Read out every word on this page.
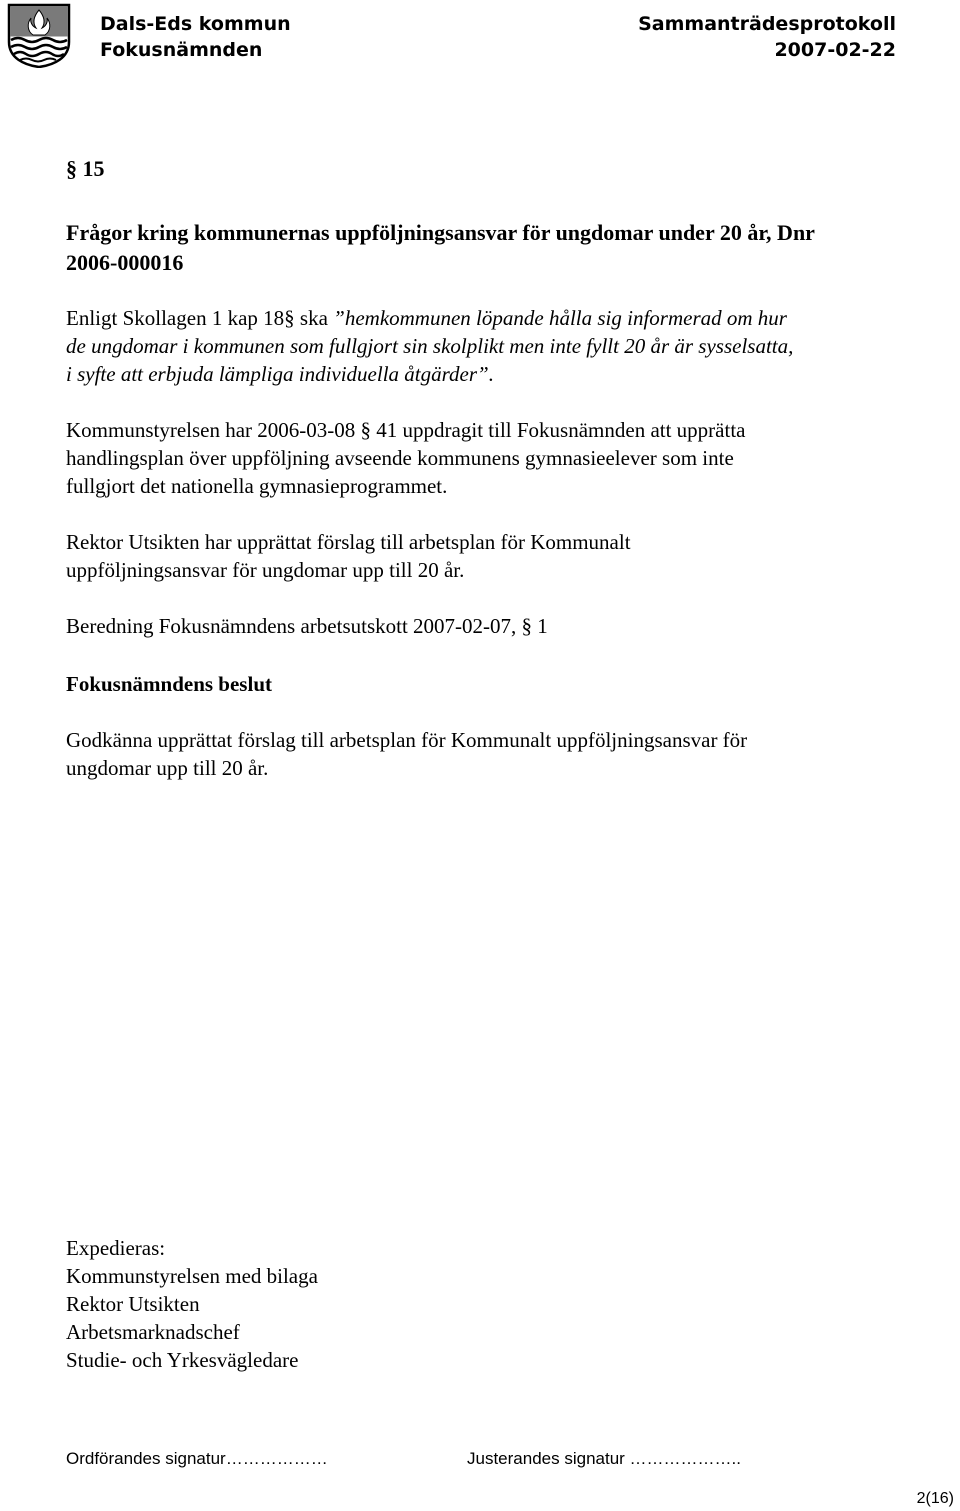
Dals-Eds kommun
Fokusnämnden
Sammanträdesprotokoll
2007-02-22
§ 15
Frågor kring kommunernas uppföljningsansvar för ungdomar under 20 år, Dnr
2006-000016
Enligt Skollagen 1 kap 18§ ska ”hemkommunen löpande hålla sig informerad om hur
de ungdomar i kommunen som fullgjort sin skolplikt men inte fyllt 20 år är sysselsatta,
i syfte att erbjuda lämpliga individuella åtgärder”.
Kommunstyrelsen har 2006-03-08 § 41 uppdragit till Fokusnämnden att upprätta
handlingsplan över uppföljning avseende kommunens gymnasieelever som inte
fullgjort det nationella gymnasieprogrammet.
Rektor Utsikten har upprättat förslag till arbetsplan för Kommunalt
uppföljningsansvar för ungdomar upp till 20 år.
Beredning Fokusnämndens arbetsutskott 2007-02-07, § 1
Fokusnämndens beslut
Godkänna upprättat förslag till arbetsplan för Kommunalt uppföljningsansvar för
ungdomar upp till 20 år.
Expedieras:
Kommunstyrelsen med bilaga
Rektor Utsikten
Arbetsmarknadschef
Studie- och Yrkesvägledare
Ordförandes signatur………………	Justerandes signatur ………………..
2(16)
